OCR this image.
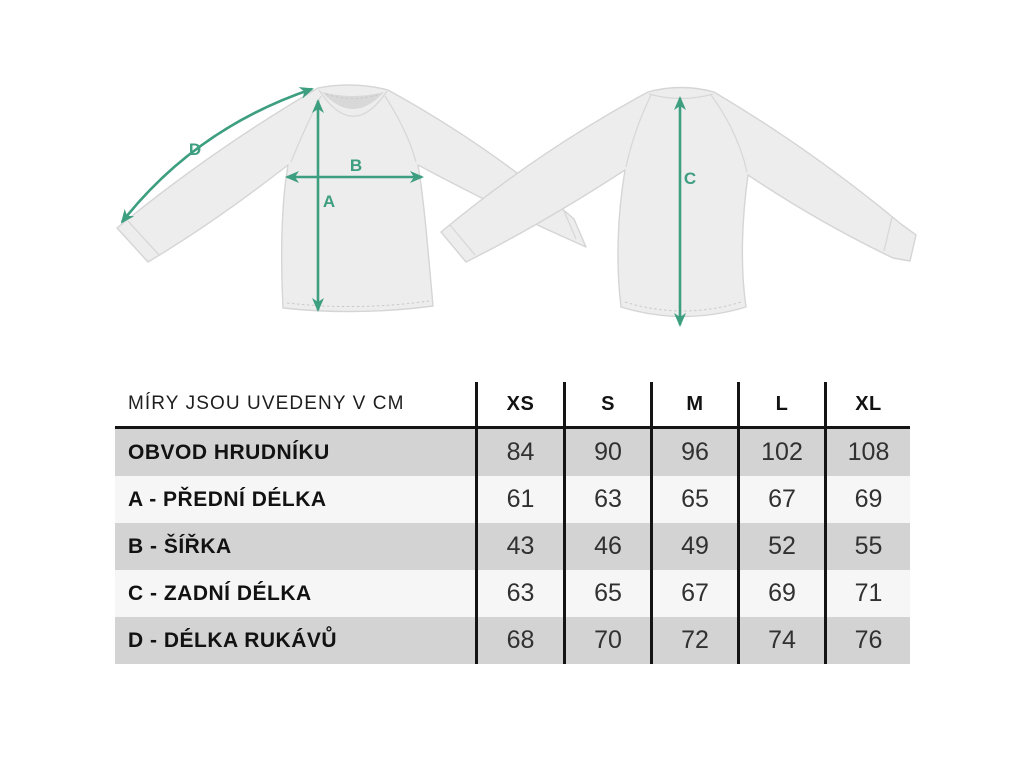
D
B
A
C
MÍRY JSOU UVEDENY V CM	XS	S	M	L	XL
OBVOD HRUDNÍKU	84	90	96	102	108
A - PŘEDNÍ DÉLKA	61	63	65	67	69
B - ŠÍŘKA	43	46	49	52	55
C - ZADNÍ DÉLKA	63	65	67	69	71
D - DÉLKA RUKÁVŮ	68	70	72	74	76
